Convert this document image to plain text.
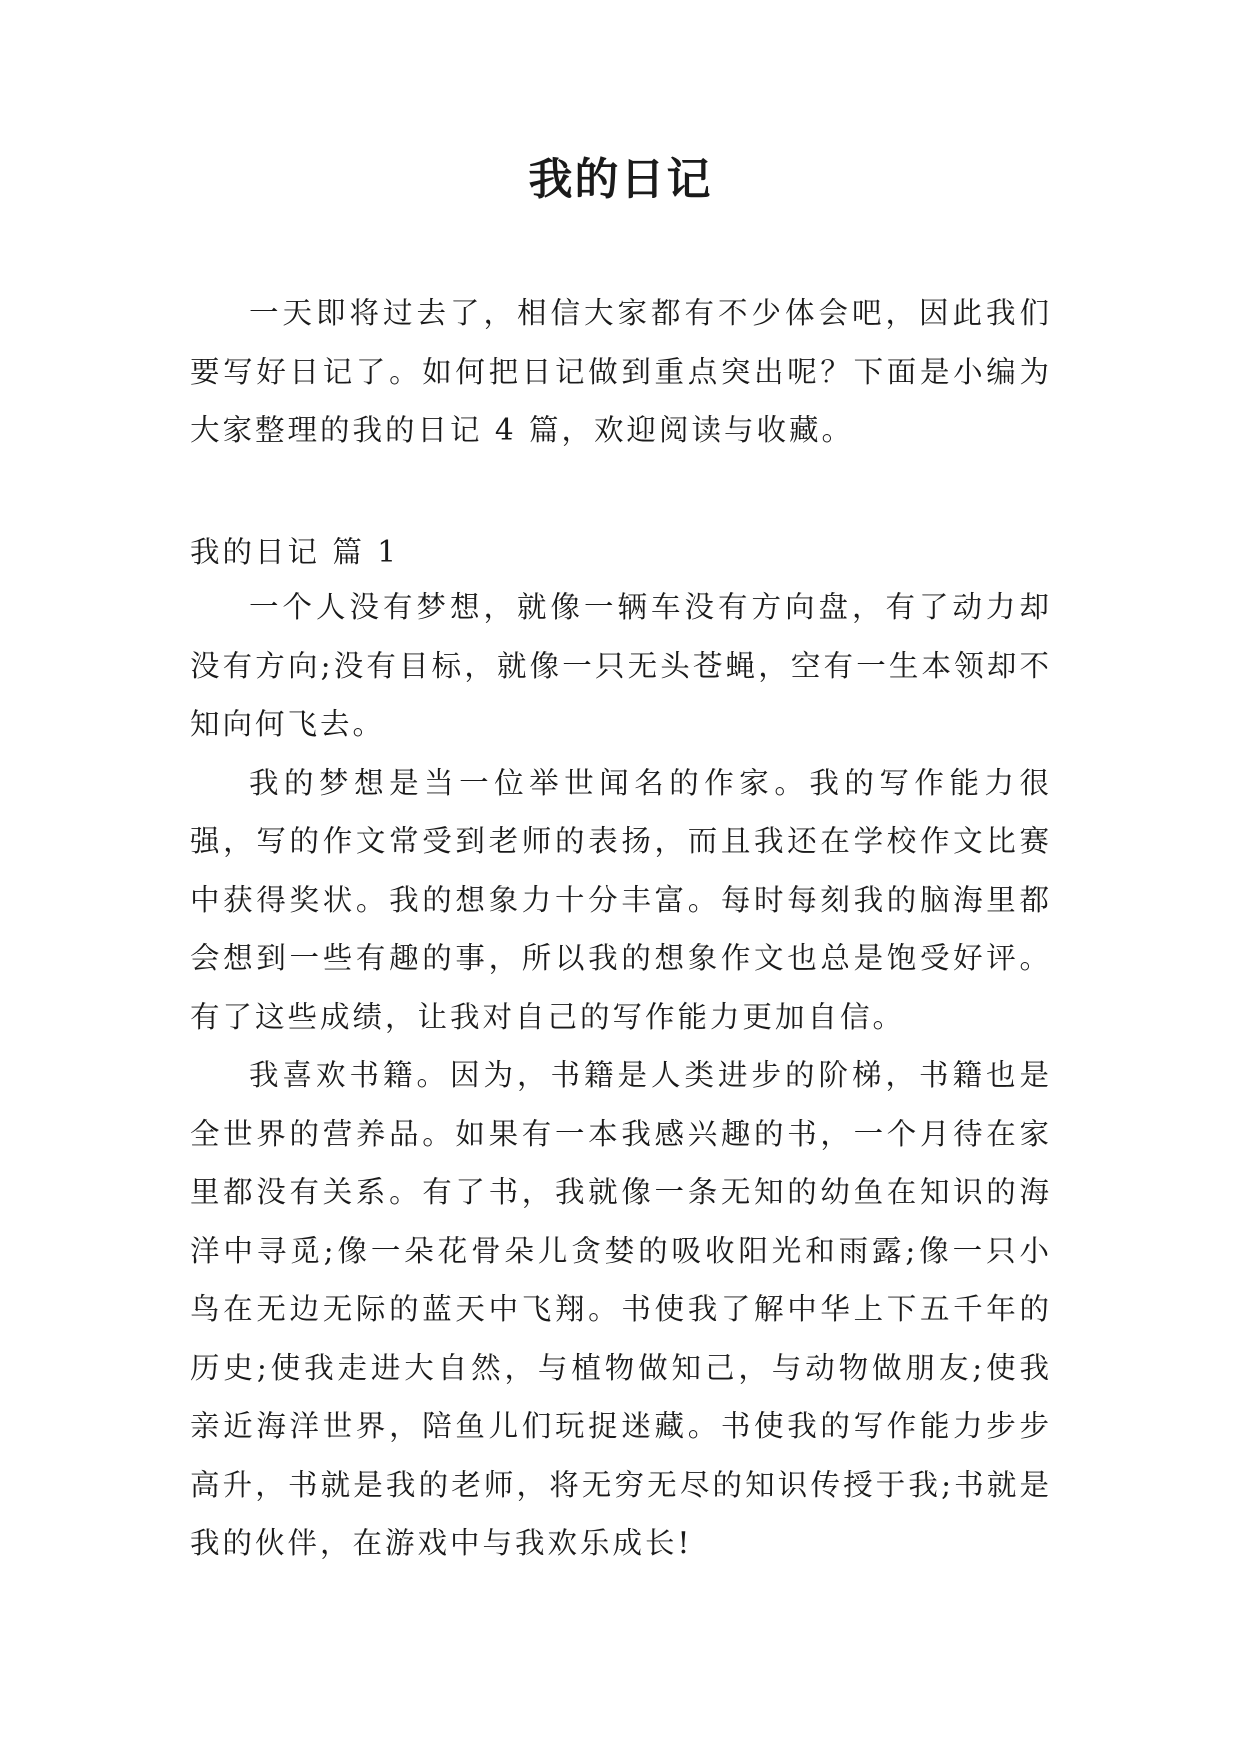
我的日记

一天即将过去了，相信大家都有不少体会吧，因此我们要写好日记了。如何把日记做到重点突出呢？下面是小编为大家整理的我的日记 4 篇，欢迎阅读与收藏。

我的日记 篇 1

一个人没有梦想，就像一辆车没有方向盘，有了动力却没有方向;没有目标，就像一只无头苍蝇，空有一生本领却不知向何飞去。

我的梦想是当一位举世闻名的作家。我的写作能力很强，写的作文常受到老师的表扬，而且我还在学校作文比赛中获得奖状。我的想象力十分丰富。每时每刻我的脑海里都会想到一些有趣的事，所以我的想象作文也总是饱受好评。有了这些成绩，让我对自己的写作能力更加自信。

我喜欢书籍。因为，书籍是人类进步的阶梯，书籍也是全世界的营养品。如果有一本我感兴趣的书，一个月待在家里都没有关系。有了书，我就像一条无知的幼鱼在知识的海洋中寻觅;像一朵花骨朵儿贪婪的吸收阳光和雨露;像一只小鸟在无边无际的蓝天中飞翔。书使我了解中华上下五千年的历史;使我走进大自然，与植物做知己，与动物做朋友;使我亲近海洋世界，陪鱼儿们玩捉迷藏。书使我的写作能力步步高升，书就是我的老师，将无穷无尽的知识传授于我;书就是我的伙伴，在游戏中与我欢乐成长!
